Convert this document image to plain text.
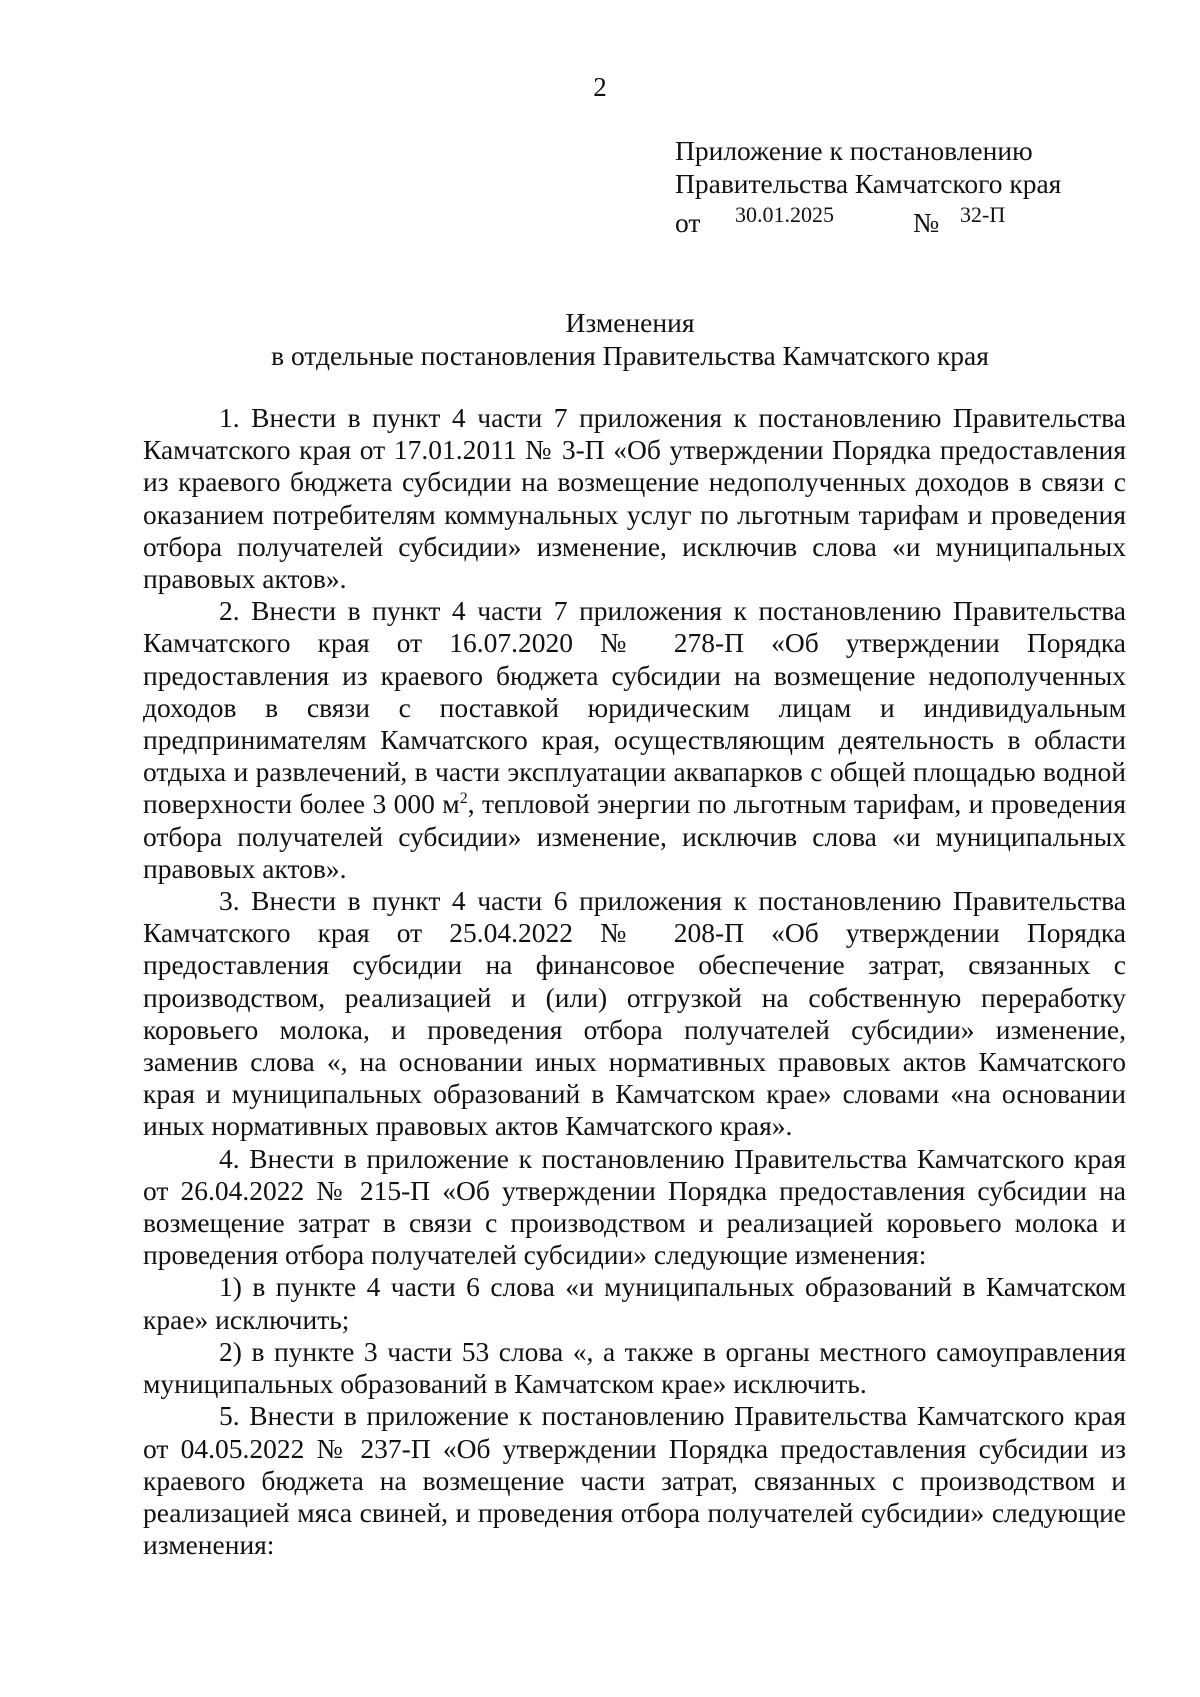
2
Приложение к постановлению
Правительства Камчатского края
от 30.01.2025	№ 32-П
Изменения
в отдельные постановления Правительства Камчатского края

1. Внести в пункт 4 части 7 приложения к постановлению Правительства Камчатского края от 17.01.2011 № 3-П «Об утверждении Порядка предоставления из краевого бюджета субсидии на возмещение недополученных доходов в связи с оказанием потребителям коммунальных услуг по льготным тарифам и проведения отбора получателей субсидии» изменение, исключив слова «и муниципальных правовых актов».

2. Внести в пункт 4 части 7 приложения к постановлению Правительства Камчатского края от 16.07.2020 № 278-П «Об утверждении Порядка предоставления из краевого бюджета субсидии на возмещение недополученных доходов в связи с поставкой юридическим лицам и индивидуальным предпринимателям Камчатского края, осуществляющим деятельность в области отдыха и развлечений, в части эксплуатации аквапарков с общей площадью водной поверхности более 3 000 $м^2$, тепловой энергии по льготным тарифам, и проведения отбора получателей субсидии» изменение, исключив слова «и муниципальных правовых актов».

3. Внести в пункт 4 части 6 приложения к постановлению Правительства Камчатского края от 25.04.2022 № 208-П «Об утверждении Порядка предоставления субсидии на финансовое обеспечение затрат, связанных с производством, реализацией и (или) отгрузкой на собственную переработку коровьего молока, и проведения отбора получателей субсидии» изменение, заменив слова «, на основании иных нормативных правовых актов Камчатского края и муниципальных образований в Камчатском крае» словами «на основании иных нормативных правовых актов Камчатского края».

4. Внести в приложение к постановлению Правительства Камчатского края от 26.04.2022 № 215-П «Об утверждении Порядка предоставления субсидии на возмещение затрат в связи с производством и реализацией коровьего молока и проведения отбора получателей субсидии» следующие изменения:

1) в пункте 4 части 6 слова «и муниципальных образований в Камчатском крае» исключить;

2) в пункте 3 части 53 слова «, а также в органы местного самоуправления муниципальных образований в Камчатском крае» исключить.

5. Внести в приложение к постановлению Правительства Камчатского края от 04.05.2022 № 237-П «Об утверждении Порядка предоставления субсидии из краевого бюджета на возмещение части затрат, связанных с производством и реализацией мяса свиней, и проведения отбора получателей субсидии» следующие изменения:
